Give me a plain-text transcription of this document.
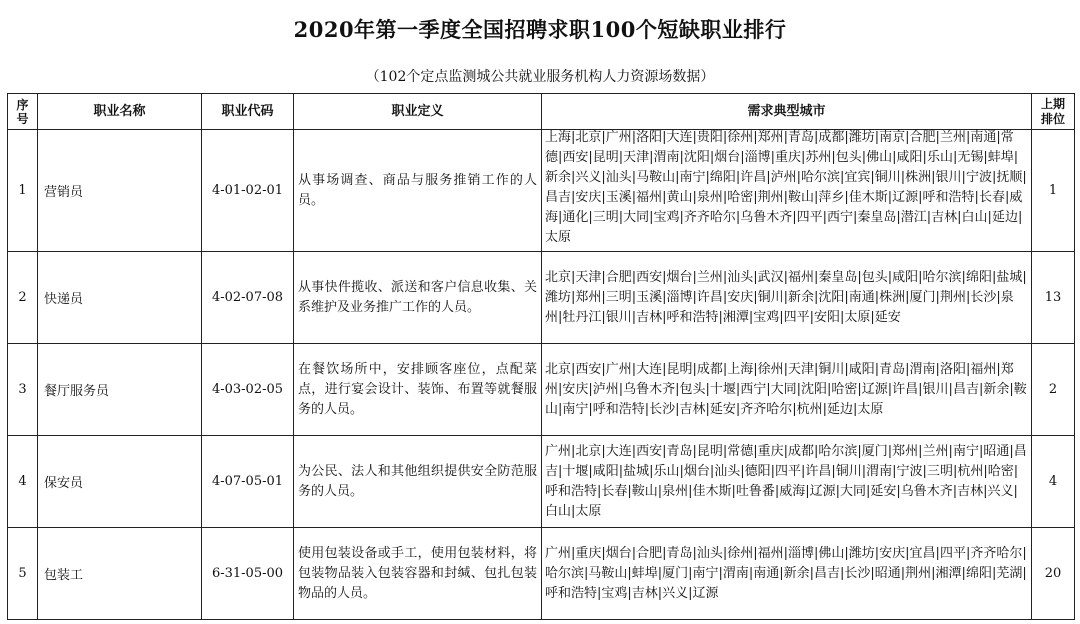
2020年第一季度全国招聘求职100个短缺职业排行
（102个定点监测城公共就业服务机构人力资源场数据）
序号	职业名称	职业代码	职业定义	需求典型城市	上期排位
1	营销员	4-01-02-01	从事场调查、商品与服务推销工作的人员。	上海|北京|广州|洛阳|大连|贵阳|徐州|郑州|青岛|成都|潍坊|南京|合肥|兰州|南通|常德|西安|昆明|天津|渭南|沈阳|烟台|淄博|重庆|苏州|包头|佛山|咸阳|乐山|无锡|蚌埠|新余|兴义|汕头|马鞍山|南宁|绵阳|许昌|泸州|哈尔滨|宜宾|铜川|株洲|银川|宁波|抚顺|昌吉|安庆|玉溪|福州|黄山|泉州|哈密|荆州|鞍山|萍乡|佳木斯|辽源|呼和浩特|长春|威海|通化|三明|大同|宝鸡|齐齐哈尔|乌鲁木齐|四平|西宁|秦皇岛|潜江|吉林|白山|延边|太原	1
2	快递员	4-02-07-08	从事快件揽收、派送和客户信息收集、关系维护及业务推广工作的人员。	北京|天津|合肥|西安|烟台|兰州|汕头|武汉|福州|秦皇岛|包头|咸阳|哈尔滨|绵阳|盐城|潍坊|郑州|三明|玉溪|淄博|许昌|安庆|铜川|新余|沈阳|南通|株洲|厦门|荆州|长沙|泉州|牡丹江|银川|吉林|呼和浩特|湘潭|宝鸡|四平|安阳|太原|延安	13
3	餐厅服务员	4-03-02-05	在餐饮场所中，安排顾客座位，点配菜点，进行宴会设计、装饰、布置等就餐服务的人员。	北京|西安|广州|大连|昆明|成都|上海|徐州|天津|铜川|咸阳|青岛|渭南|洛阳|福州|郑州|安庆|泸州|乌鲁木齐|包头|十堰|西宁|大同|沈阳|哈密|辽源|许昌|银川|昌吉|新余|鞍山|南宁|呼和浩特|长沙|吉林|延安|齐齐哈尔|杭州|延边|太原	2
4	保安员	4-07-05-01	为公民、法人和其他组织提供安全防范服务的人员。	广州|北京|大连|西安|青岛|昆明|常德|重庆|成都|哈尔滨|厦门|郑州|兰州|南宁|昭通|昌吉|十堰|咸阳|盐城|乐山|烟台|汕头|德阳|四平|许昌|铜川|渭南|宁波|三明|杭州|哈密|呼和浩特|长春|鞍山|泉州|佳木斯|吐鲁番|威海|辽源|大同|延安|乌鲁木齐|吉林|兴义|白山|太原	4
5	包装工	6-31-05-00	使用包装设备或手工，使用包装材料，将包装物品装入包装容器和封缄、包扎包装物品的人员。	广州|重庆|烟台|合肥|青岛|汕头|徐州|福州|淄博|佛山|潍坊|安庆|宜昌|四平|齐齐哈尔|哈尔滨|马鞍山|蚌埠|厦门|南宁|渭南|南通|新余|昌吉|长沙|昭通|荆州|湘潭|绵阳|芜湖|呼和浩特|宝鸡|吉林|兴义|辽源	20
